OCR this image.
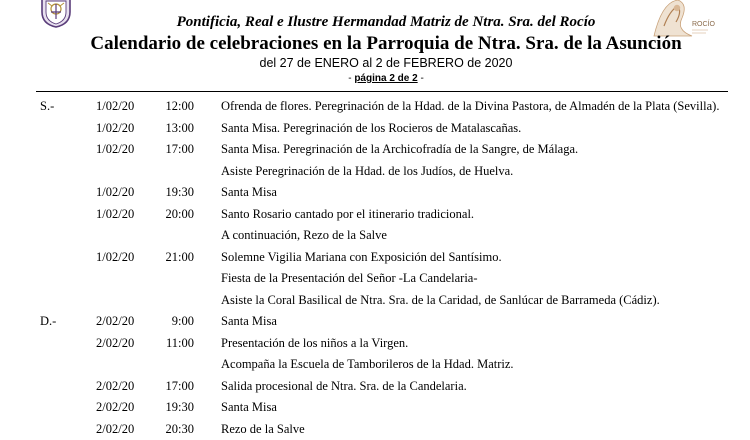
ROCÍO
Pontificia, Real e Ilustre Hermandad Matriz de Ntra. Sra. del Rocío
Calendario de celebraciones en la Parroquia de Ntra. Sra. de la Asunción
del 27 de ENERO al 2 de FEBRERO de 2020
- página 2 de 2 -
S.-	1/02/20	12:00 Ofrenda de flores. Peregrinación de la Hdad. de la Divina Pastora, de Almadén de la Plata (Sevilla).
1/02/20	13:00 Santa Misa. Peregrinación de los Rocieros de Matalascañas.
1/02/20	17:00 Santa Misa. Peregrinación de la Archicofradía de la Sangre, de Málaga.
Asiste Peregrinación de la Hdad. de los Judíos, de Huelva.
1/02/20	19:30 Santa Misa
1/02/20	20:00 Santo Rosario cantado por el itinerario tradicional.
A continuación, Rezo de la Salve
1/02/20	21:00 Solemne Vigilia Mariana con Exposición del Santísimo.
Fiesta de la Presentación del Señor -La Candelaria-
Asiste la Coral Basilical de Ntra. Sra. de la Caridad, de Sanlúcar de Barrameda (Cádiz).
D.-	2/02/20	9:00 Santa Misa
2/02/20	11:00 Presentación de los niños a la Virgen.
Acompaña la Escuela de Tamborileros de la Hdad. Matriz.
2/02/20	17:00 Salida procesional de Ntra. Sra. de la Candelaria.
2/02/20	19:30 Santa Misa
2/02/20	20:30 Rezo de la Salve
